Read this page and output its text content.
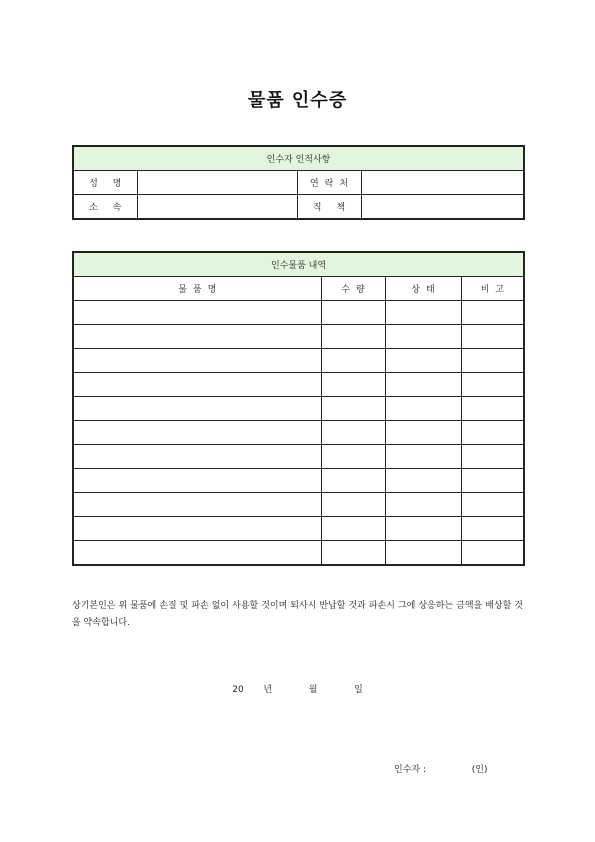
물품 인수증
인수자 인적사항			
성 명		연락처	
소 속		직 책	
인수물품 내역			
물품명	수량	상태	비고

상기본인은 위 물품에 손질 및 파손 없이 사용할 것이며 퇴사시 반납할 것과 파손시 그에 상응하는 금액을 배상할 것을 약속합니다.
20 년	월	일
인수자 :	(인)
